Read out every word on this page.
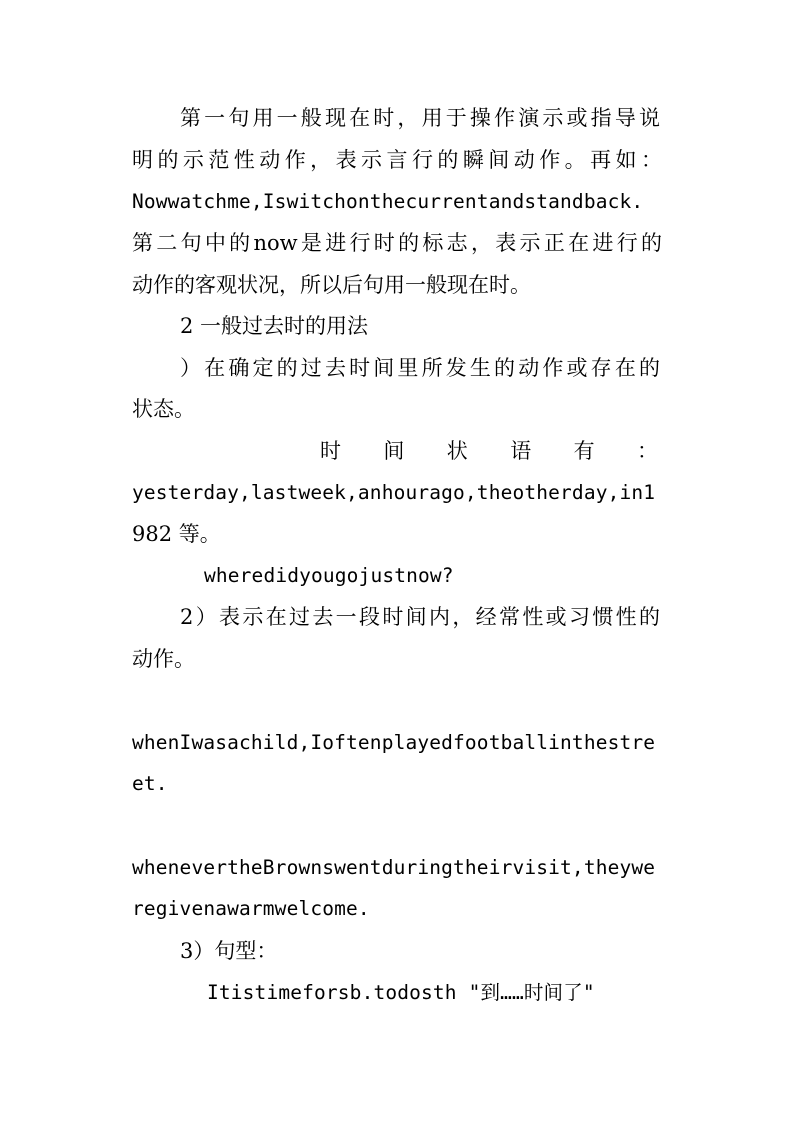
第一句用一般现在时，用于操作演示或指导说
明的示范性动作，表示言行的瞬间动作。再如：
Nowwatchme,Iswitchonthecurrentandstandback.
第二句中的now是进行时的标志，表示正在进行的
动作的客观状况，所以后句用一般现在时。
2 一般过去时的用法
）在确定的过去时间里所发生的动作或存在的
状态。
时间状语有：
yesterday,lastweek,anhourago,theotherday,in1
982 等。
wheredidyougojustnow?
2）表示在过去一段时间内，经常性或习惯性的
动作。
whenIwasachild,Ioftenplayedfootballinthestre
et.
whenevertheBrownswentduringtheirvisit,theywe
regivenawarmwelcome.
3）句型：
Itistimeforsb.todosth "到……时间了"
